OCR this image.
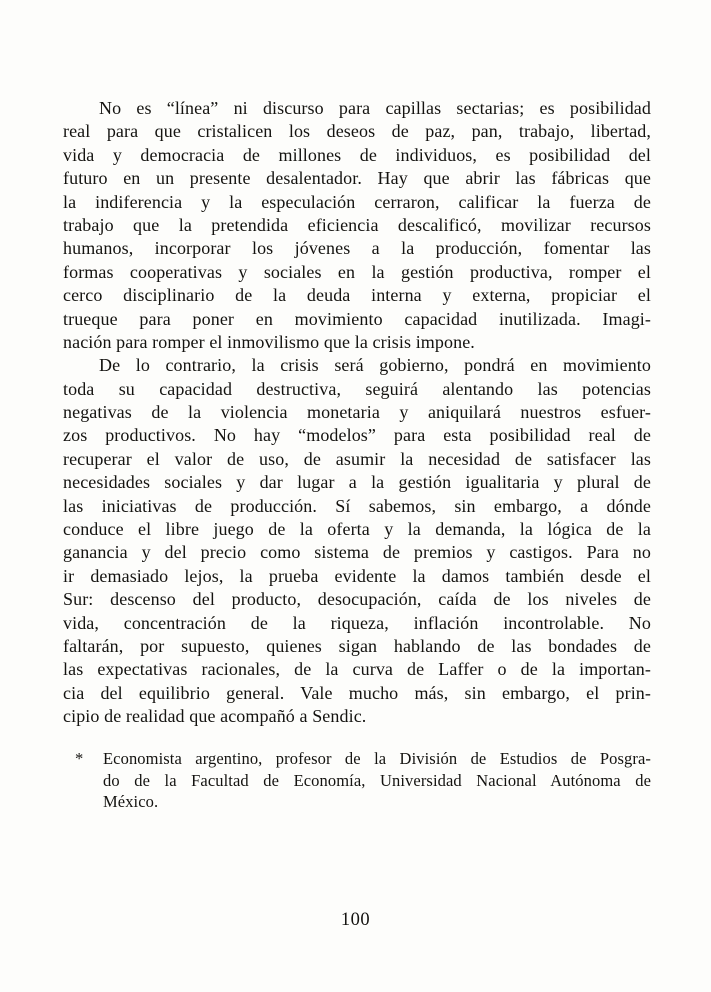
No es “línea” ni discurso para capillas sectarias; es posibilidad
real para que cristalicen los deseos de paz, pan, trabajo, libertad,
vida y democracia de millones de individuos, es posibilidad del
futuro en un presente desalentador. Hay que abrir las fábricas que
la indiferencia y la especulación cerraron, calificar la fuerza de
trabajo que la pretendida eficiencia descalificó, movilizar recursos
humanos, incorporar los jóvenes a la producción, fomentar las
formas cooperativas y sociales en la gestión productiva, romper el
cerco disciplinario de la deuda interna y externa, propiciar el
trueque para poner en movimiento capacidad inutilizada. Imagi-
nación para romper el inmovilismo que la crisis impone.
De lo contrario, la crisis será gobierno, pondrá en movimiento
toda su capacidad destructiva, seguirá alentando las potencias
negativas de la violencia monetaria y aniquilará nuestros esfuer-
zos productivos. No hay “modelos” para esta posibilidad real de
recuperar el valor de uso, de asumir la necesidad de satisfacer las
necesidades sociales y dar lugar a la gestión igualitaria y plural de
las iniciativas de producción. Sí sabemos, sin embargo, a dónde
conduce el libre juego de la oferta y la demanda, la lógica de la
ganancia y del precio como sistema de premios y castigos. Para no
ir demasiado lejos, la prueba evidente la damos también desde el
Sur: descenso del producto, desocupación, caída de los niveles de
vida, concentración de la riqueza, inflación incontrolable. No
faltarán, por supuesto, quienes sigan hablando de las bondades de
las expectativas racionales, de la curva de Laffer o de la importan-
cia del equilibrio general. Vale mucho más, sin embargo, el prin-
cipio de realidad que acompañó a Sendic.
* Economista argentino, profesor de la División de Estudios de Posgra-
do de la Facultad de Economía, Universidad Nacional Autónoma de
México.
100
